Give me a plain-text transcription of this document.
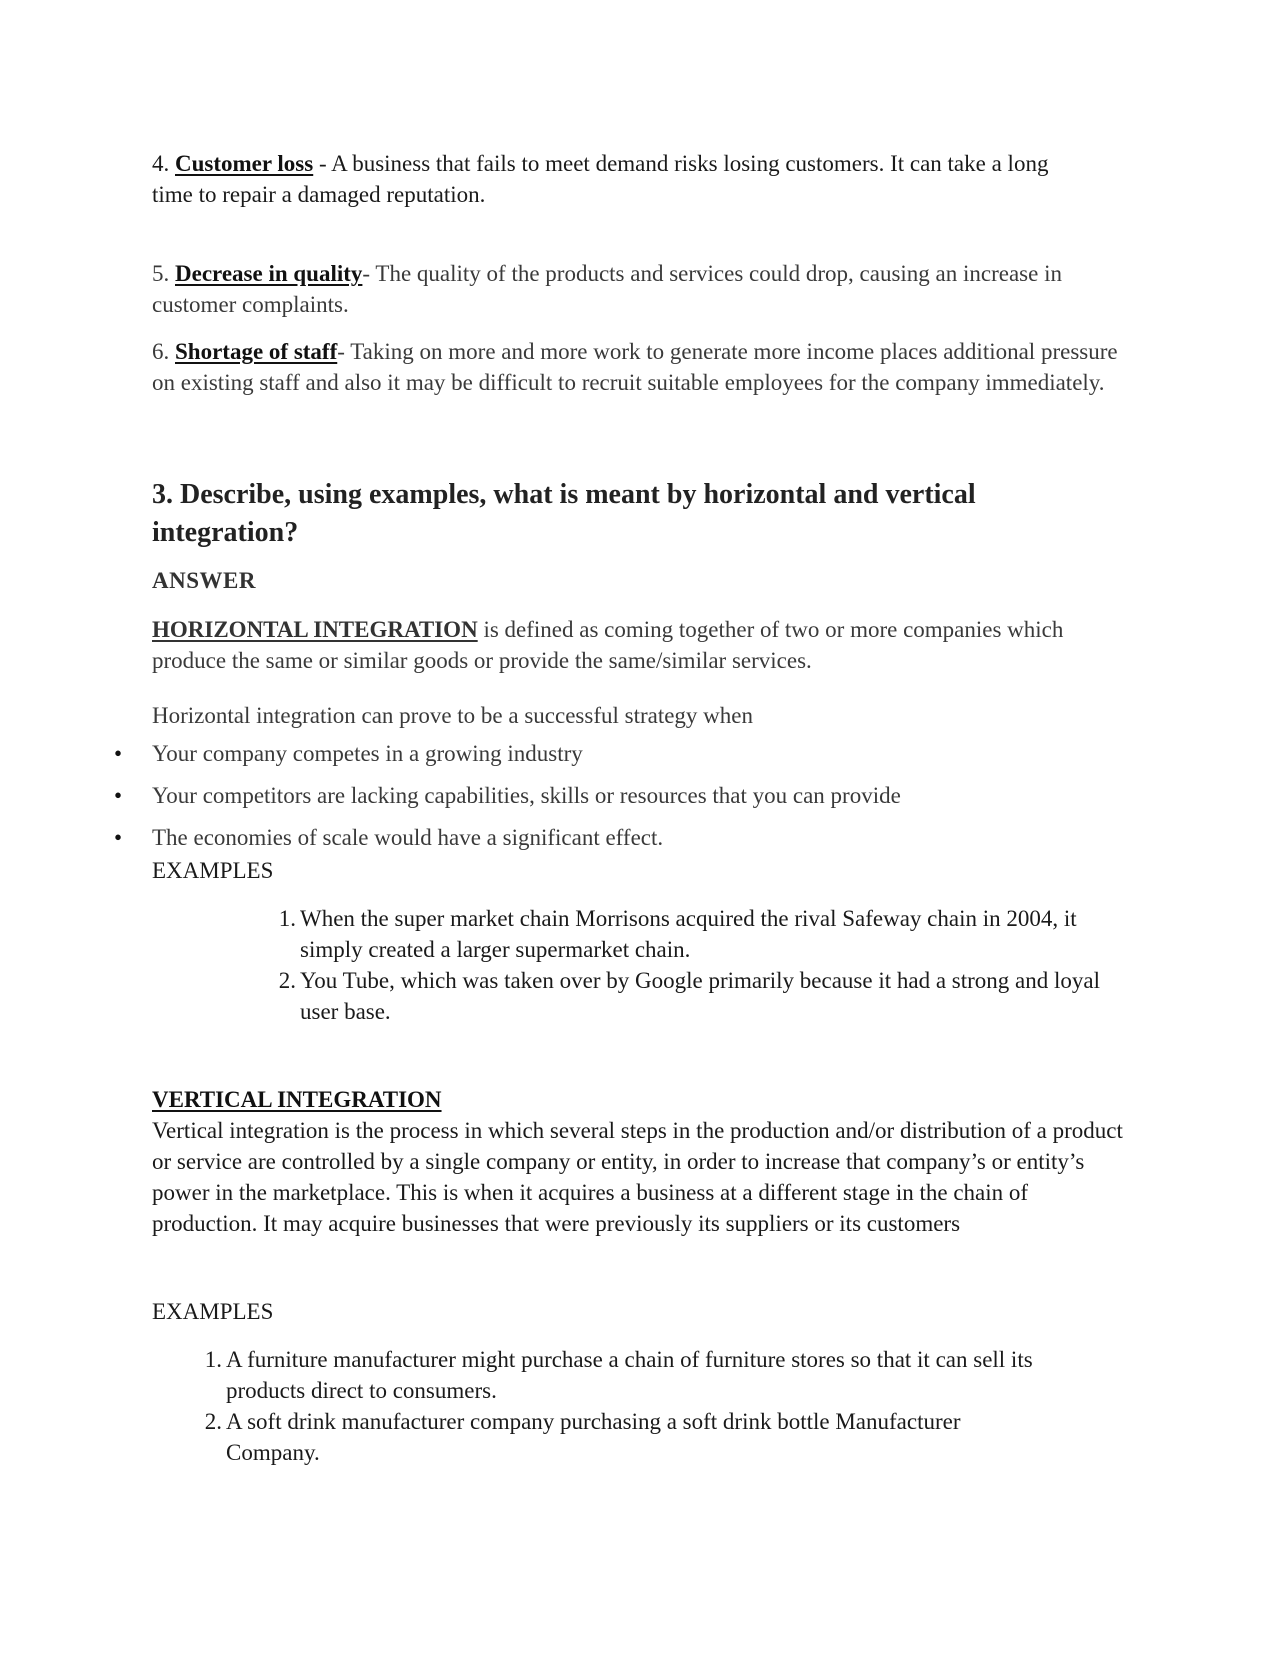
4. Customer loss - A business that fails to meet demand risks losing customers. It can take a long time to repair a damaged reputation.

5. Decrease in quality- The quality of the products and services could drop, causing an increase in customer complaints.

6. Shortage of staff- Taking on more and more work to generate more income places additional pressure on existing staff and also it may be difficult to recruit suitable employees for the company immediately.

3. Describe, using examples, what is meant by horizontal and vertical integration?
ANSWER

HORIZONTAL INTEGRATION is defined as coming together of two or more companies which produce the same or similar goods or provide the same/similar services.

Horizontal integration can prove to be a successful strategy when

• Your company competes in a growing industry
• Your competitors are lacking capabilities, skills or resources that you can provide
• The economies of scale would have a significant effect.
EXAMPLES
1. When the super market chain Morrisons acquired the rival Safeway chain in 2004, it simply created a larger supermarket chain.
2. You Tube, which was taken over by Google primarily because it had a strong and loyal user base.
VERTICAL INTEGRATION

Vertical integration is the process in which several steps in the production and/or distribution of a product or service are controlled by a single company or entity, in order to increase that company’s or entity’s power in the marketplace. This is when it acquires a business at a different stage in the chain of production. It may acquire businesses that were previously its suppliers or its customers

EXAMPLES
1. A furniture manufacturer might purchase a chain of furniture stores so that it can sell its products direct to consumers.
2. A soft drink manufacturer company purchasing a soft drink bottle Manufacturer Company.
